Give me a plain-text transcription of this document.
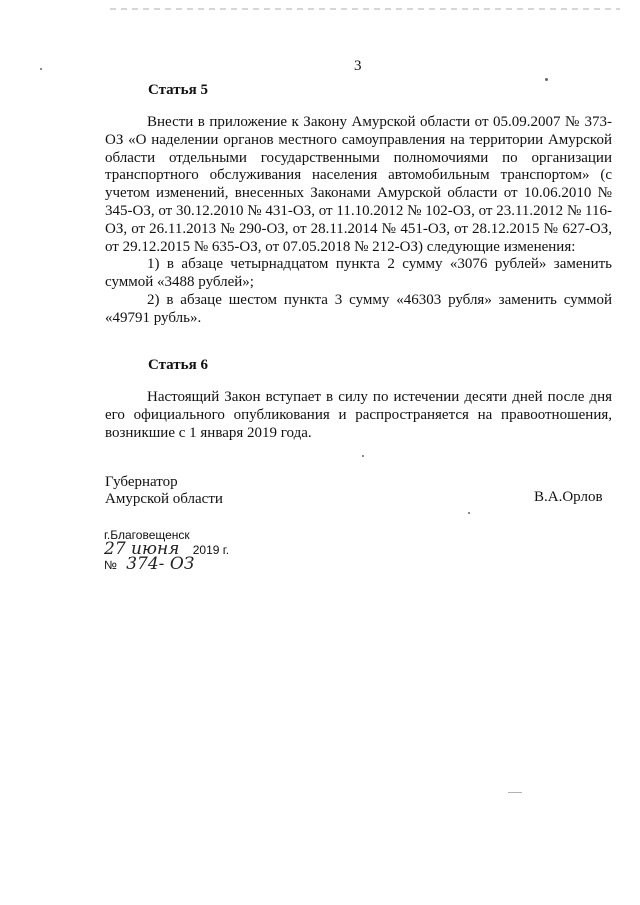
3
Статья 5

Внести в приложение к Закону Амурской области от 05.09.2007 № 373-ОЗ «О наделении органов местного самоуправления на территории Амурской области отдельными государственными полномочиями по организации транспортного обслуживания населения автомобильным транспортом» (с учетом изменений, внесенных Законами Амурской области от 10.06.2010 № 345-ОЗ, от 30.12.2010 № 431-ОЗ, от 11.10.2012 № 102-ОЗ, от 23.11.2012 № 116-ОЗ, от 26.11.2013 № 290-ОЗ, от 28.11.2014 № 451-ОЗ, от 28.12.2015 № 627-ОЗ, от 29.12.2015 № 635-ОЗ, от 07.05.2018 № 212-ОЗ) следующие изменения:

1) в абзаце четырнадцатом пункта 2 сумму «3076 рублей» заменить суммой «3488 рублей»;

2) в абзаце шестом пункта 3 сумму «46303 рубля» заменить суммой «49791 рубль».

Статья 6

Настоящий Закон вступает в силу по истечении десяти дней после дня его официального опубликования и распространяется на правоотношения, возникшие с 1 января 2019 года.

Губернатор
Амурской области	В.А.Орлов
г.Благовещенск
27 июня 2019 г.
№ 374- ОЗ
